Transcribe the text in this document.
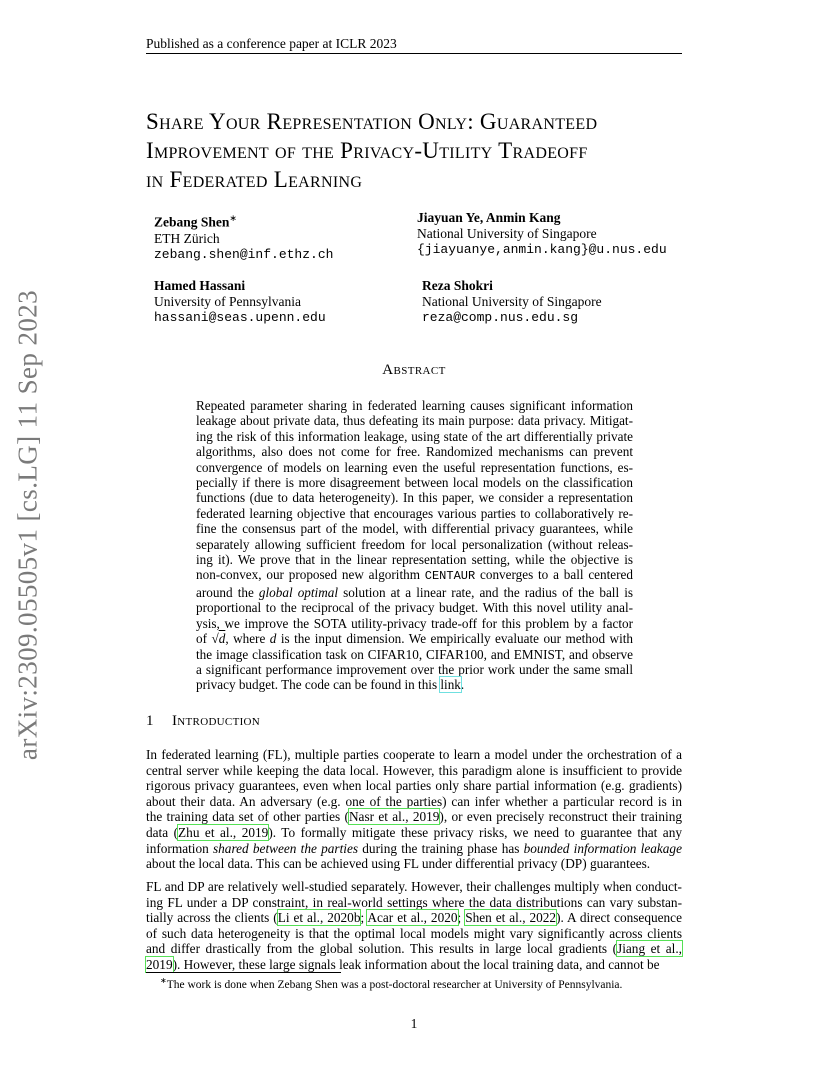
Published as a conference paper at ICLR 2023
arXiv:2309.05505v1 [cs.LG] 11 Sep 2023
Share Your Representation Only: Guaranteed
Improvement of the Privacy-Utility Tradeoff
in Federated Learning
Zebang Shen∗
ETH Zürich
zebang.shen@inf.ethz.ch
Jiayuan Ye, Anmin Kang
National University of Singapore
{jiayuanye,anmin.kang}@u.nus.edu
Hamed Hassani
University of Pennsylvania
hassani@seas.upenn.edu
Reza Shokri
National University of Singapore
reza@comp.nus.edu.sg
Abstract
Repeated parameter sharing in federated learning causes significant information
leakage about private data, thus defeating its main purpose: data privacy. Mitigat-
ing the risk of this information leakage, using state of the art differentially private
algorithms, also does not come for free. Randomized mechanisms can prevent
convergence of models on learning even the useful representation functions, es-
pecially if there is more disagreement between local models on the classification
functions (due to data heterogeneity). In this paper, we consider a representation
federated learning objective that encourages various parties to collaboratively re-
fine the consensus part of the model, with differential privacy guarantees, while
separately allowing sufficient freedom for local personalization (without releas-
ing it). We prove that in the linear representation setting, while the objective is
non-convex, our proposed new algorithm CENTAUR converges to a ball centered
around the global optimal solution at a linear rate, and the radius of the ball is
proportional to the reciprocal of the privacy budget. With this novel utility anal-
ysis, we improve the SOTA utility-privacy trade-off for this problem by a factor
of √d, where d is the input dimension. We empirically evaluate our method with
the image classification task on CIFAR10, CIFAR100, and EMNIST, and observe
a significant performance improvement over the prior work under the same small
privacy budget. The code can be found in this link.
1 Introduction
In federated learning (FL), multiple parties cooperate to learn a model under the orchestration of a
central server while keeping the data local. However, this paradigm alone is insufficient to provide
rigorous privacy guarantees, even when local parties only share partial information (e.g. gradients)
about their data. An adversary (e.g. one of the parties) can infer whether a particular record is in
the training data set of other parties (Nasr et al., 2019), or even precisely reconstruct their training
data (Zhu et al., 2019). To formally mitigate these privacy risks, we need to guarantee that any
information shared between the parties during the training phase has bounded information leakage
about the local data. This can be achieved using FL under differential privacy (DP) guarantees.
FL and DP are relatively well-studied separately. However, their challenges multiply when conduct-
ing FL under a DP constraint, in real-world settings where the data distributions can vary substan-
tially across the clients (Li et al., 2020b; Acar et al., 2020; Shen et al., 2022). A direct consequence
of such data heterogeneity is that the optimal local models might vary significantly across clients
and differ drastically from the global solution. This results in large local gradients (Jiang et al.,
2019). However, these large signals leak information about the local training data, and cannot be
∗The work is done when Zebang Shen was a post-doctoral researcher at University of Pennsylvania.
1
